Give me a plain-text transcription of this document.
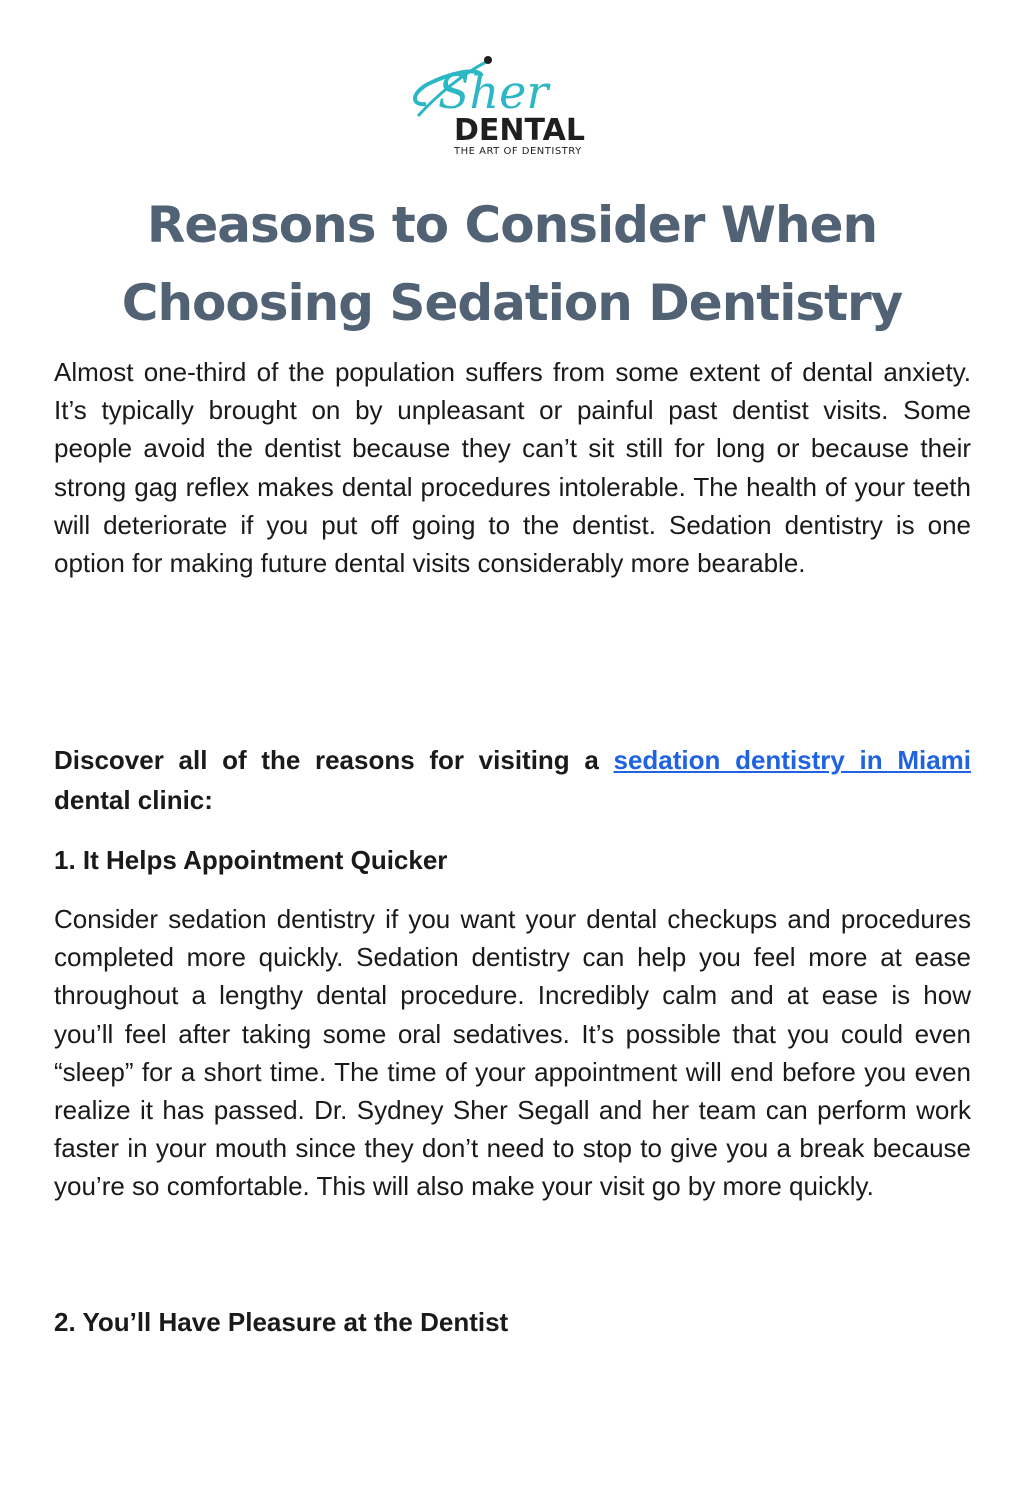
Sher
DENTAL
THE ART OF DENTISTRY
Reasons to Consider When
Choosing Sedation Dentistry

Almost one-third of the population suffers from some extent of dental anxiety. It’s typically brought on by unpleasant or painful past dentist visits. Some people avoid the dentist because they can’t sit still for long or because their strong gag reflex makes dental procedures intolerable. The health of your teeth will deteriorate if you put off going to the dentist. Sedation dentistry is one option for making future dental visits considerably more bearable.

Discover all of the reasons for visiting a sedation dentistry in Miami dental clinic:

1. It Helps Appointment Quicker

Consider sedation dentistry if you want your dental checkups and procedures completed more quickly. Sedation dentistry can help you feel more at ease throughout a lengthy dental procedure. Incredibly calm and at ease is how you’ll feel after taking some oral sedatives. It’s possible that you could even “sleep” for a short time. The time of your appointment will end before you even realize it has passed. Dr. Sydney Sher Segall and her team can perform work faster in your mouth since they don’t need to stop to give you a break because you’re so comfortable. This will also make your visit go by more quickly.

2. You’ll Have Pleasure at the Dentist
